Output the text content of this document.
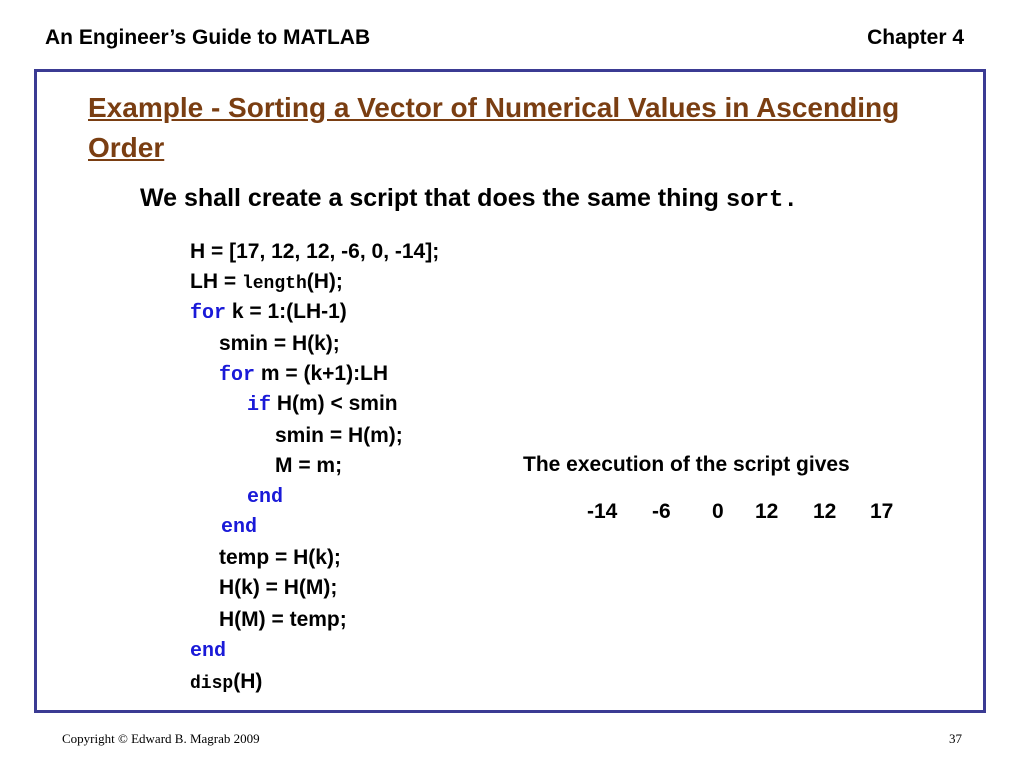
An Engineer’s Guide to MATLAB	Chapter 4
Example - Sorting a Vector of Numerical Values in Ascending Order
We shall create a script that does the same thing sort.
H = [17, 12, 12, -6, 0, -14];
LH = length(H);
for k = 1:(LH-1)
smin = H(k);
for m = (k+1):LH
if H(m) < smin
smin = H(m);
M = m;
end
end
temp = H(k);
H(k) = H(M);
H(M) = temp;
end
disp(H)
The execution of the script gives
-14 -6 0 12 12 17
Copyright © Edward B. Magrab 2009	37
